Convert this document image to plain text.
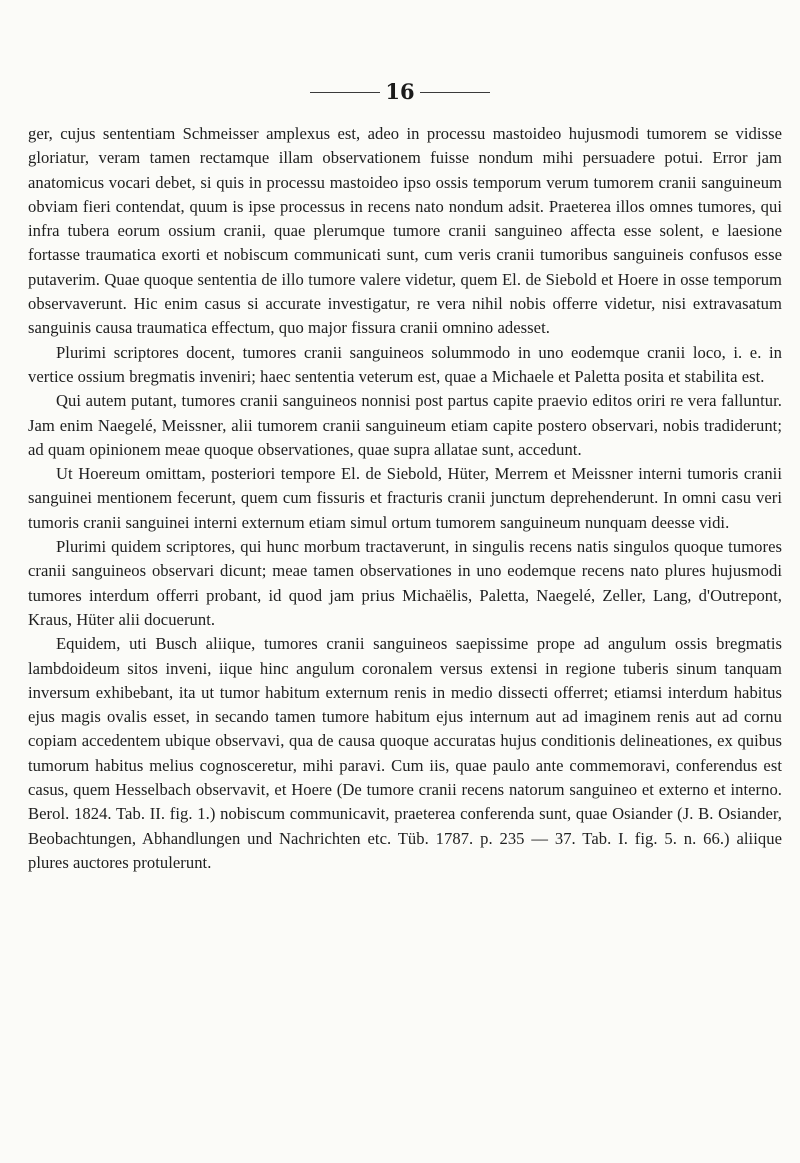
16

ger, cujus sententiam Schmeisser amplexus est, adeo in processu mastoideo hujusmodi tumorem se vidisse gloriatur, veram tamen rectamque illam observationem fuisse nondum mihi persuadere potui. Error jam anatomicus vocari debet, si quis in processu mastoideo ipso ossis temporum verum tumorem cranii sanguineum obviam fieri contendat, quum is ipse processus in recens nato nondum adsit. Praeterea illos omnes tumores, qui infra tubera eorum ossium cranii, quae plerumque tumore cranii sanguineo affecta esse solent, e laesione fortasse traumatica exorti et nobiscum communicati sunt, cum veris cranii tumoribus sanguineis confusos esse putaverim. Quae quoque sententia de illo tumore valere videtur, quem El. de Siebold et Hoere in osse temporum observaverunt. Hic enim casus si accurate investigatur, re vera nihil nobis offerre videtur, nisi extravasatum sanguinis causa traumatica effectum, quo major fissura cranii omnino adesset.

Plurimi scriptores docent, tumores cranii sanguineos solummodo in uno eodemque cranii loco, i. e. in vertice ossium bregmatis inveniri; haec sententia veterum est, quae a Michaele et Paletta posita et stabilita est.

Qui autem putant, tumores cranii sanguineos nonnisi post partus capite praevio editos oriri re vera falluntur. Jam enim Naegelé, Meissner, alii tumorem cranii sanguineum etiam capite postero observari, nobis tradiderunt; ad quam opinionem meae quoque observationes, quae supra allatae sunt, accedunt.

Ut Hoereum omittam, posteriori tempore El. de Siebold, Hüter, Merrem et Meissner interni tumoris cranii sanguinei mentionem fecerunt, quem cum fissuris et fracturis cranii junctum deprehenderunt. In omni casu veri tumoris cranii sanguinei interni externum etiam simul ortum tumorem sanguineum nunquam deesse vidi.

Plurimi quidem scriptores, qui hunc morbum tractaverunt, in singulis recens natis singulos quoque tumores cranii sanguineos observari dicunt; meae tamen observationes in uno eodemque recens nato plures hujusmodi tumores interdum offerri probant, id quod jam prius Michaëlis, Paletta, Naegelé, Zeller, Lang, d'Outrepont, Kraus, Hüter alii docuerunt.

Equidem, uti Busch aliique, tumores cranii sanguineos saepissime prope ad angulum ossis bregmatis lambdoideum sitos inveni, iique hinc angulum coronalem versus extensi in regione tuberis sinum tanquam inversum exhibebant, ita ut tumor habitum externum renis in medio dissecti offerret; etiamsi interdum habitus ejus magis ovalis esset, in secando tamen tumore habitum ejus internum aut ad imaginem renis aut ad cornu copiam accedentem ubique observavi, qua de causa quoque accuratas hujus conditionis delineationes, ex quibus tumorum habitus melius cognosceretur, mihi paravi. Cum iis, quae paulo ante commemoravi, conferendus est casus, quem Hesselbach observavit, et Hoere (De tumore cranii recens natorum sanguineo et externo et interno. Berol. 1824. Tab. II. fig. 1.) nobiscum communicavit, praeterea conferenda sunt, quae Osiander (J. B. Osiander, Beobachtungen, Abhandlungen und Nachrichten etc. Tüb. 1787. p. 235 — 37. Tab. I. fig. 5. n. 66.) aliique plures auctores protulerunt.
